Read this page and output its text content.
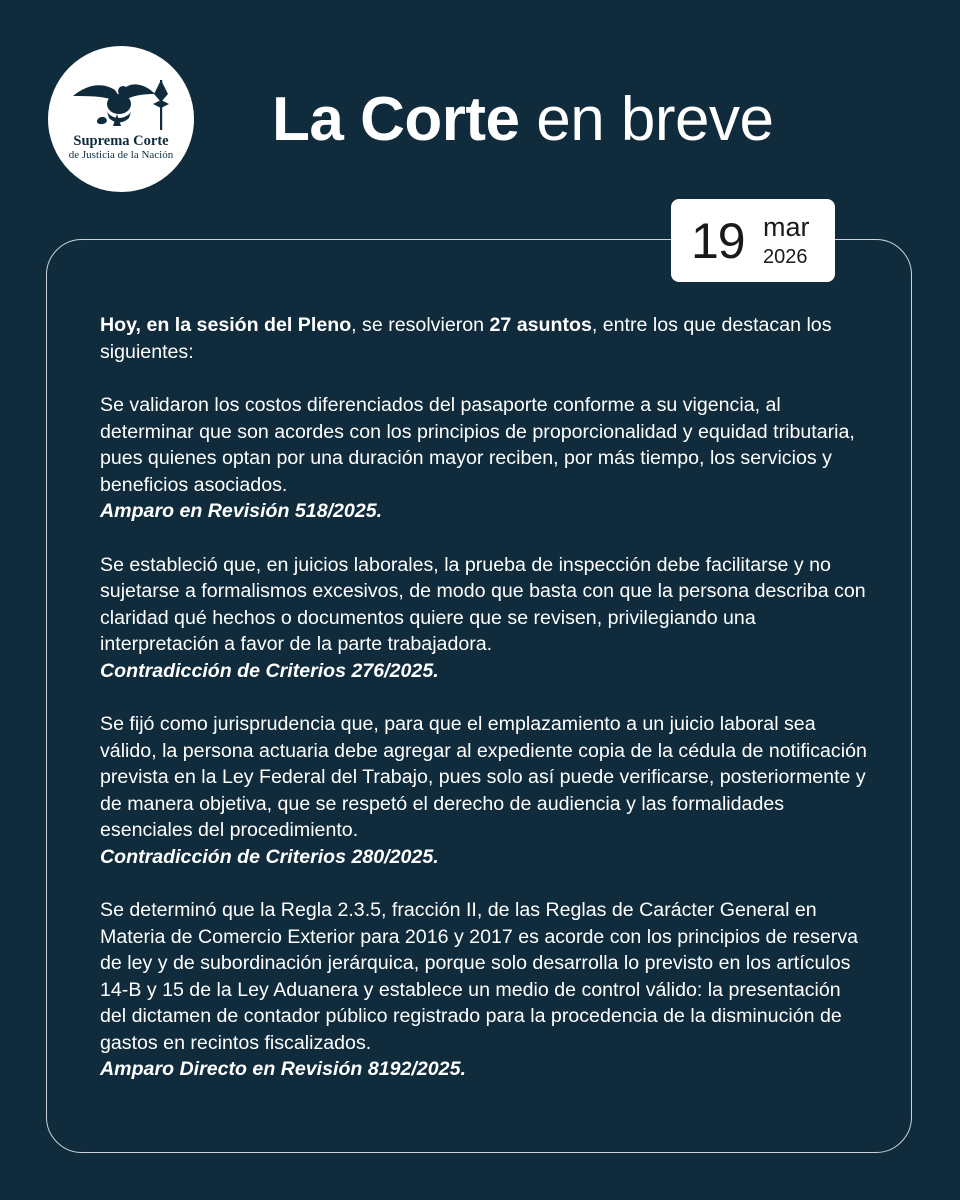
Suprema Corte
de Justicia de la Nación
La Corte en breve
19 mar
2026

Hoy, en la sesión del Pleno, se resolvieron 27 asuntos, entre los que destacan los siguientes:

Se validaron los costos diferenciados del pasaporte conforme a su vigencia, al determinar que son acordes con los principios de proporcionalidad y equidad tributaria, pues quienes optan por una duración mayor reciben, por más tiempo, los servicios y beneficios asociados.
Amparo en Revisión 518/2025.

Se estableció que, en juicios laborales, la prueba de inspección debe facilitarse y no sujetarse a formalismos excesivos, de modo que basta con que la persona describa con claridad qué hechos o documentos quiere que se revisen, privilegiando una interpretación a favor de la parte trabajadora.
Contradicción de Criterios 276/2025.

Se fijó como jurisprudencia que, para que el emplazamiento a un juicio laboral sea válido, la persona actuaria debe agregar al expediente copia de la cédula de notificación prevista en la Ley Federal del Trabajo, pues solo así puede verificarse, posteriormente y de manera objetiva, que se respetó el derecho de audiencia y las formalidades esenciales del procedimiento.
Contradicción de Criterios 280/2025.

Se determinó que la Regla 2.3.5, fracción II, de las Reglas de Carácter General en Materia de Comercio Exterior para 2016 y 2017 es acorde con los principios de reserva de ley y de subordinación jerárquica, porque solo desarrolla lo previsto en los artículos 14-B y 15 de la Ley Aduanera y establece un medio de control válido: la presentación del dictamen de contador público registrado para la procedencia de la disminución de gastos en recintos fiscalizados.
Amparo Directo en Revisión 8192/2025.
